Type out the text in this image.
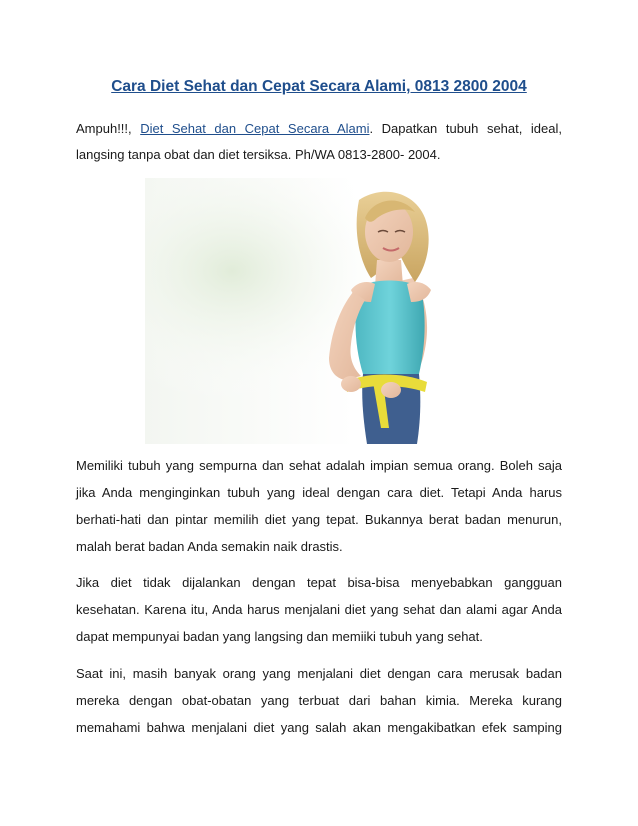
Cara Diet Sehat dan Cepat Secara Alami, 0813 2800 2004
Ampuh!!!, Diet Sehat dan Cepat Secara Alami. Dapatkan tubuh sehat, ideal,
langsing tanpa obat dan diet tersiksa. Ph/WA 0813-2800- 2004.

Memiliki tubuh yang sempurna dan sehat adalah impian semua orang. Boleh saja
jika Anda menginginkan tubuh yang ideal dengan cara diet. Tetapi Anda harus
berhati-hati dan pintar memilih diet yang tepat. Bukannya berat badan menurun,
malah berat badan Anda semakin naik drastis.

Jika diet tidak dijalankan dengan tepat bisa-bisa menyebabkan gangguan
kesehatan. Karena itu, Anda harus menjalani diet yang sehat dan alami agar Anda
dapat mempunyai badan yang langsing dan memiiki tubuh yang sehat.

Saat ini, masih banyak orang yang menjalani diet dengan cara merusak badan
mereka dengan obat-obatan yang terbuat dari bahan kimia. Mereka kurang
memahami bahwa menjalani diet yang salah akan mengakibatkan efek samping
